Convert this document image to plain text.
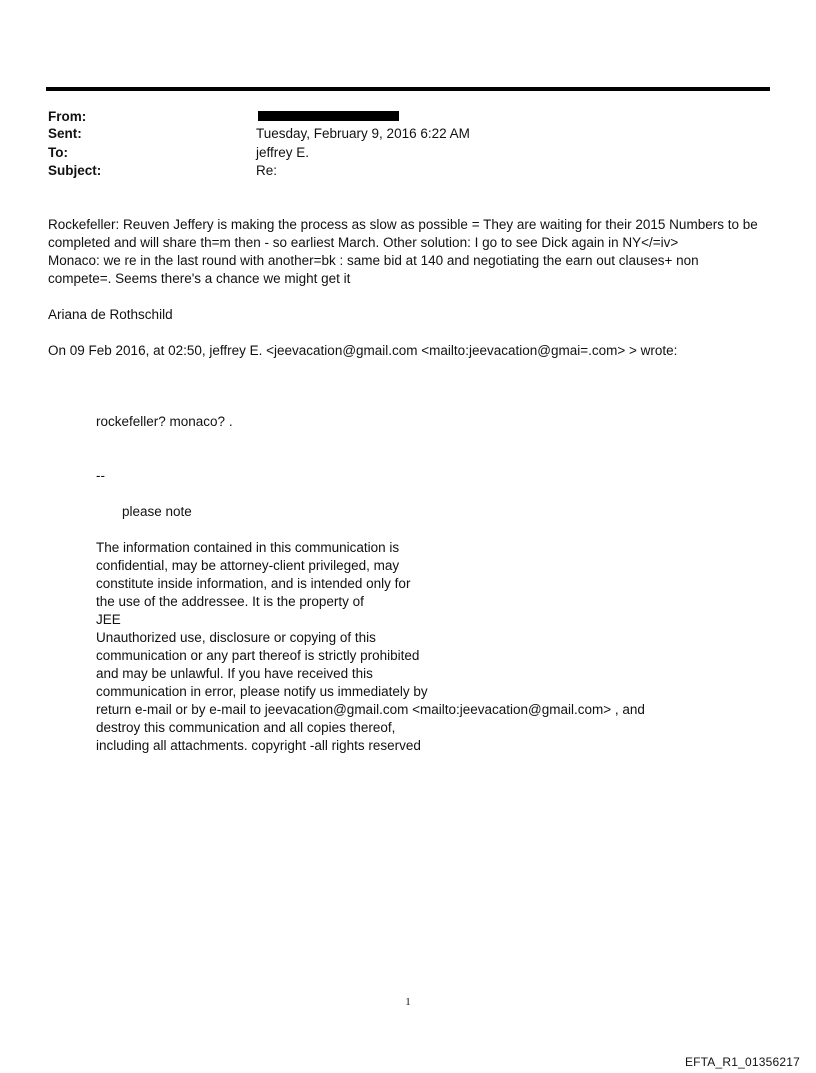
From:
Sent:	Tuesday, February 9, 2016 6:22 AM
To:	jeffrey E.
Subject:	Re:
Rockefeller: Reuven Jeffery is making the process as slow as possible = They are waiting for their 2015 Numbers to be
completed and will share th=m then - so earliest March. Other solution: I go to see Dick again in NY</=iv>
Monaco: we re in the last round with another=bk : same bid at 140 and negotiating the earn out clauses+ non
compete=. Seems there's a chance we might get it
Ariana de Rothschild
On 09 Feb 2016, at 02:50, jeffrey E. <jeevacation@gmail.com <mailto:jeevacation@gmai=.com> > wrote:
rockefeller? monaco? .
--
please note
The information contained in this communication is
confidential, may be attorney-client privileged, may
constitute inside information, and is intended only for
the use of the addressee. It is the property of
JEE
Unauthorized use, disclosure or copying of this
communication or any part thereof is strictly prohibited
and may be unlawful. If you have received this
communication in error, please notify us immediately by
return e-mail or by e-mail to jeevacation@gmail.com <mailto:jeevacation@gmail.com> , and
destroy this communication and all copies thereof,
including all attachments. copyright -all rights reserved
1
EFTA_R1_01356217
